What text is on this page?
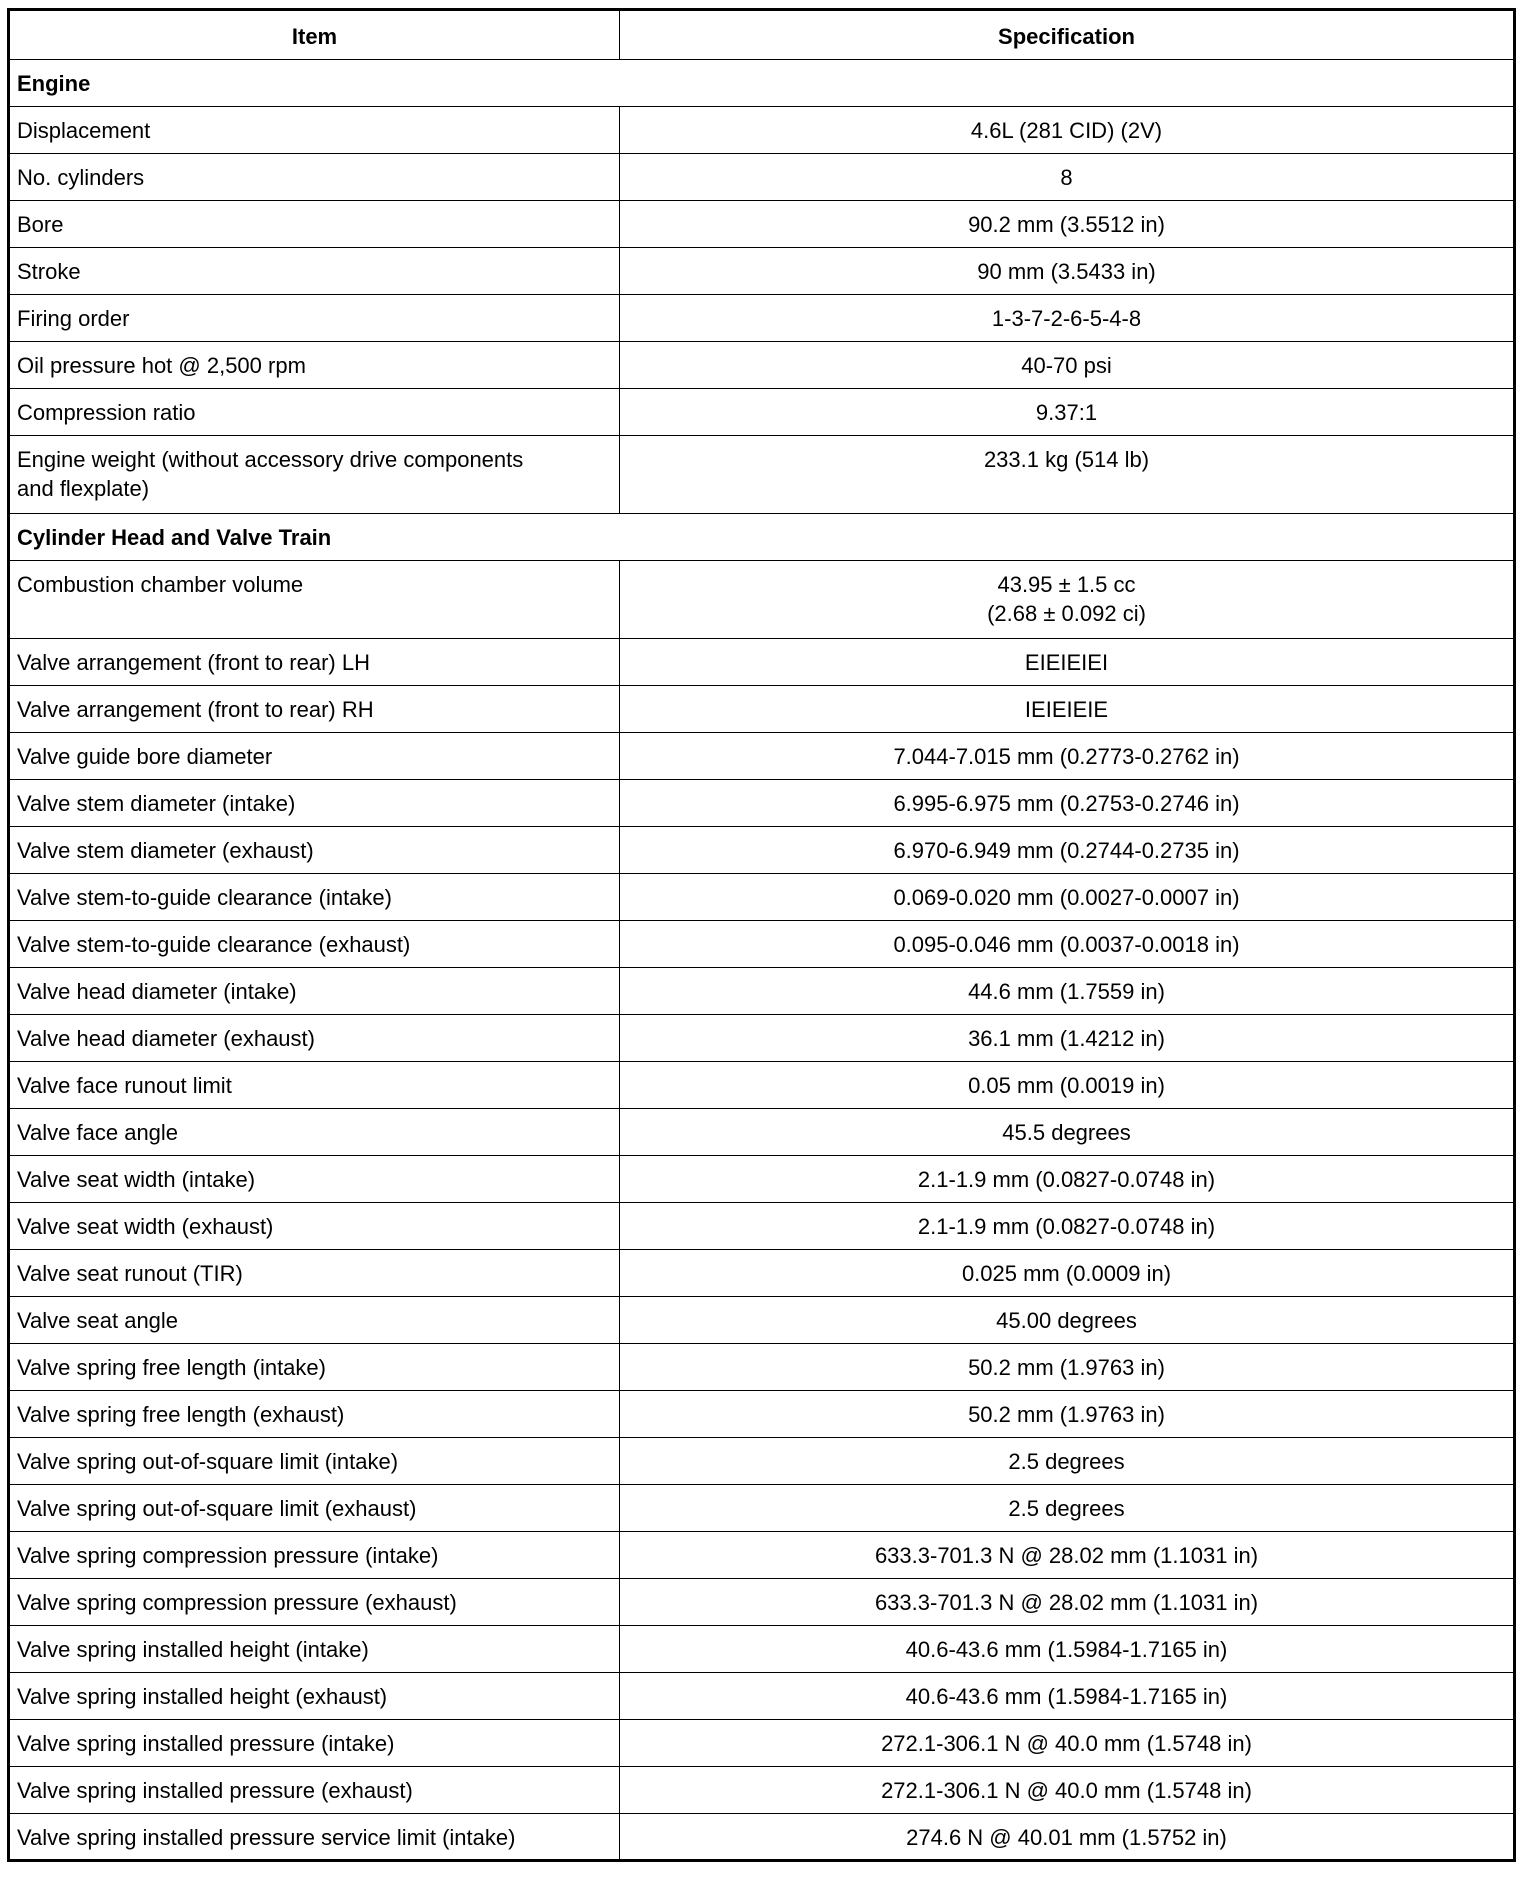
Item	Specification
Engine	

Displacement	4.6L (281 CID) (2V)

No. cylinders	8

Bore	90.2 mm (3.5512 in)

Stroke	90 mm (3.5433 in)

Firing order	1-3-7-2-6-5-4-8

Oil pressure hot @ 2,500 rpm	40-70 psi

Compression ratio	9.37:1

Engine weight (without accessory drive components
and flexplate)	233.1 kg (514 lb)

Cylinder Head and Valve Train	

Combustion chamber volume	43.95 ± 1.5 cc
(2.68 ± 0.092 ci)

Valve arrangement (front to rear) LH	EIEIEIEI

Valve arrangement (front to rear) RH	IEIEIEIE

Valve guide bore diameter	7.044-7.015 mm (0.2773-0.2762 in)

Valve stem diameter (intake)	6.995-6.975 mm (0.2753-0.2746 in)

Valve stem diameter (exhaust)	6.970-6.949 mm (0.2744-0.2735 in)

Valve stem-to-guide clearance (intake)	0.069-0.020 mm (0.0027-0.0007 in)

Valve stem-to-guide clearance (exhaust)	0.095-0.046 mm (0.0037-0.0018 in)

Valve head diameter (intake)	44.6 mm (1.7559 in)

Valve head diameter (exhaust)	36.1 mm (1.4212 in)

Valve face runout limit	0.05 mm (0.0019 in)

Valve face angle	45.5 degrees

Valve seat width (intake)	2.1-1.9 mm (0.0827-0.0748 in)

Valve seat width (exhaust)	2.1-1.9 mm (0.0827-0.0748 in)

Valve seat runout (TIR)	0.025 mm (0.0009 in)

Valve seat angle	45.00 degrees

Valve spring free length (intake)	50.2 mm (1.9763 in)

Valve spring free length (exhaust)	50.2 mm (1.9763 in)

Valve spring out-of-square limit (intake)	2.5 degrees

Valve spring out-of-square limit (exhaust)	2.5 degrees

Valve spring compression pressure (intake)	633.3-701.3 N @ 28.02 mm (1.1031 in)

Valve spring compression pressure (exhaust)	633.3-701.3 N @ 28.02 mm (1.1031 in)

Valve spring installed height (intake)	40.6-43.6 mm (1.5984-1.7165 in)

Valve spring installed height (exhaust)	40.6-43.6 mm (1.5984-1.7165 in)

Valve spring installed pressure (intake)	272.1-306.1 N @ 40.0 mm (1.5748 in)

Valve spring installed pressure (exhaust)	272.1-306.1 N @ 40.0 mm (1.5748 in)

Valve spring installed pressure service limit (intake)	274.6 N @ 40.01 mm (1.5752 in)
